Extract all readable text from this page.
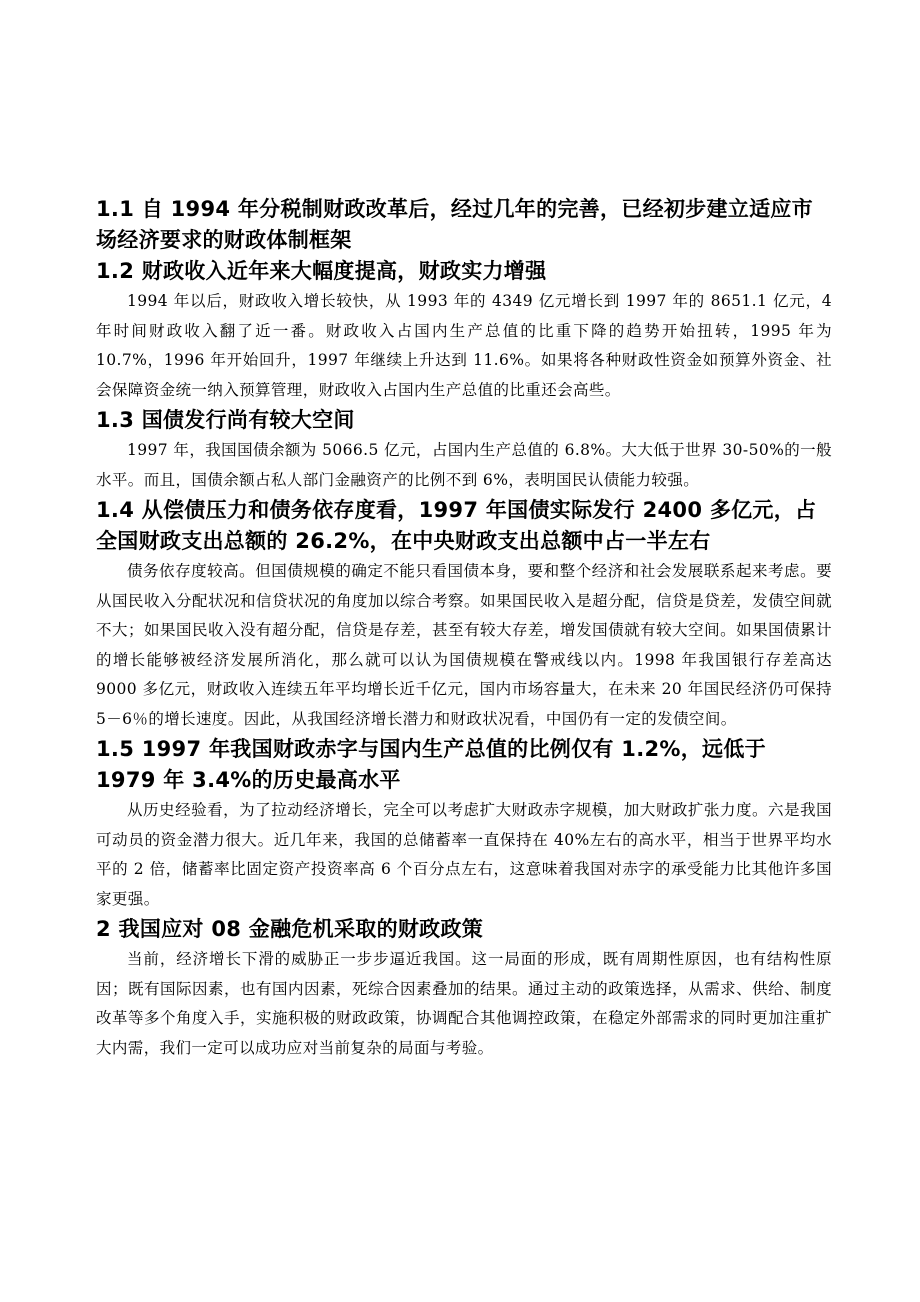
1.1 自 1994 年分税制财政改革后，经过几年的完善，已经初步建立适应市场经济要求的财政体制框架
1.2 财政收入近年来大幅度提高，财政实力增强

1994 年以后，财政收入增长较快，从 1993 年的 4349 亿元增长到 1997 年的 8651.1 亿元，4 年时间财政收入翻了近一番。财政收入占国内生产总值的比重下降的趋势开始扭转，1995 年为 10.7%，1996 年开始回升，1997 年继续上升达到 11.6%。如果将各种财政性资金如预算外资金、社会保障资金统一纳入预算管理，财政收入占国内生产总值的比重还会高些。

1.3 国债发行尚有较大空间

1997 年，我国国债余额为 5066.5 亿元，占国内生产总值的 6.8%。大大低于世界 30-50%的一般水平。而且，国债余额占私人部门金融资产的比例不到 6%，表明国民认债能力较强。

1.4 从偿债压力和债务依存度看，1997 年国债实际发行 2400 多亿元，占全国财政支出总额的 26.2%，在中央财政支出总额中占一半左右

债务依存度较高。但国债规模的确定不能只看国债本身，要和整个经济和社会发展联系起来考虑。要从国民收入分配状况和信贷状况的角度加以综合考察。如果国民收入是超分配，信贷是贷差，发债空间就不大；如果国民收入没有超分配，信贷是存差，甚至有较大存差，增发国债就有较大空间。如果国债累计的增长能够被经济发展所消化，那么就可以认为国债规模在警戒线以内。1998 年我国银行存差高达 9000 多亿元，财政收入连续五年平均增长近千亿元，国内市场容量大，在未来 20 年国民经济仍可保持 5－6％的增长速度。因此，从我国经济增长潜力和财政状况看，中国仍有一定的发债空间。

1.5 1997 年我国财政赤字与国内生产总值的比例仅有 1.2%，远低于 1979 年 3.4%的历史最高水平

从历史经验看，为了拉动经济增长，完全可以考虑扩大财政赤字规模，加大财政扩张力度。六是我国可动员的资金潜力很大。近几年来，我国的总储蓄率一直保持在 40%左右的高水平，相当于世界平均水平的 2 倍，储蓄率比固定资产投资率高 6 个百分点左右，这意味着我国对赤字的承受能力比其他许多国家更强。

2 我国应对 08 金融危机采取的财政政策

当前，经济增长下滑的威胁正一步步逼近我国。这一局面的形成，既有周期性原因，也有结构性原因；既有国际因素，也有国内因素，死综合因素叠加的结果。通过主动的政策选择，从需求、供给、制度改革等多个角度入手，实施积极的财政政策，协调配合其他调控政策，在稳定外部需求的同时更加注重扩大内需，我们一定可以成功应对当前复杂的局面与考验。
